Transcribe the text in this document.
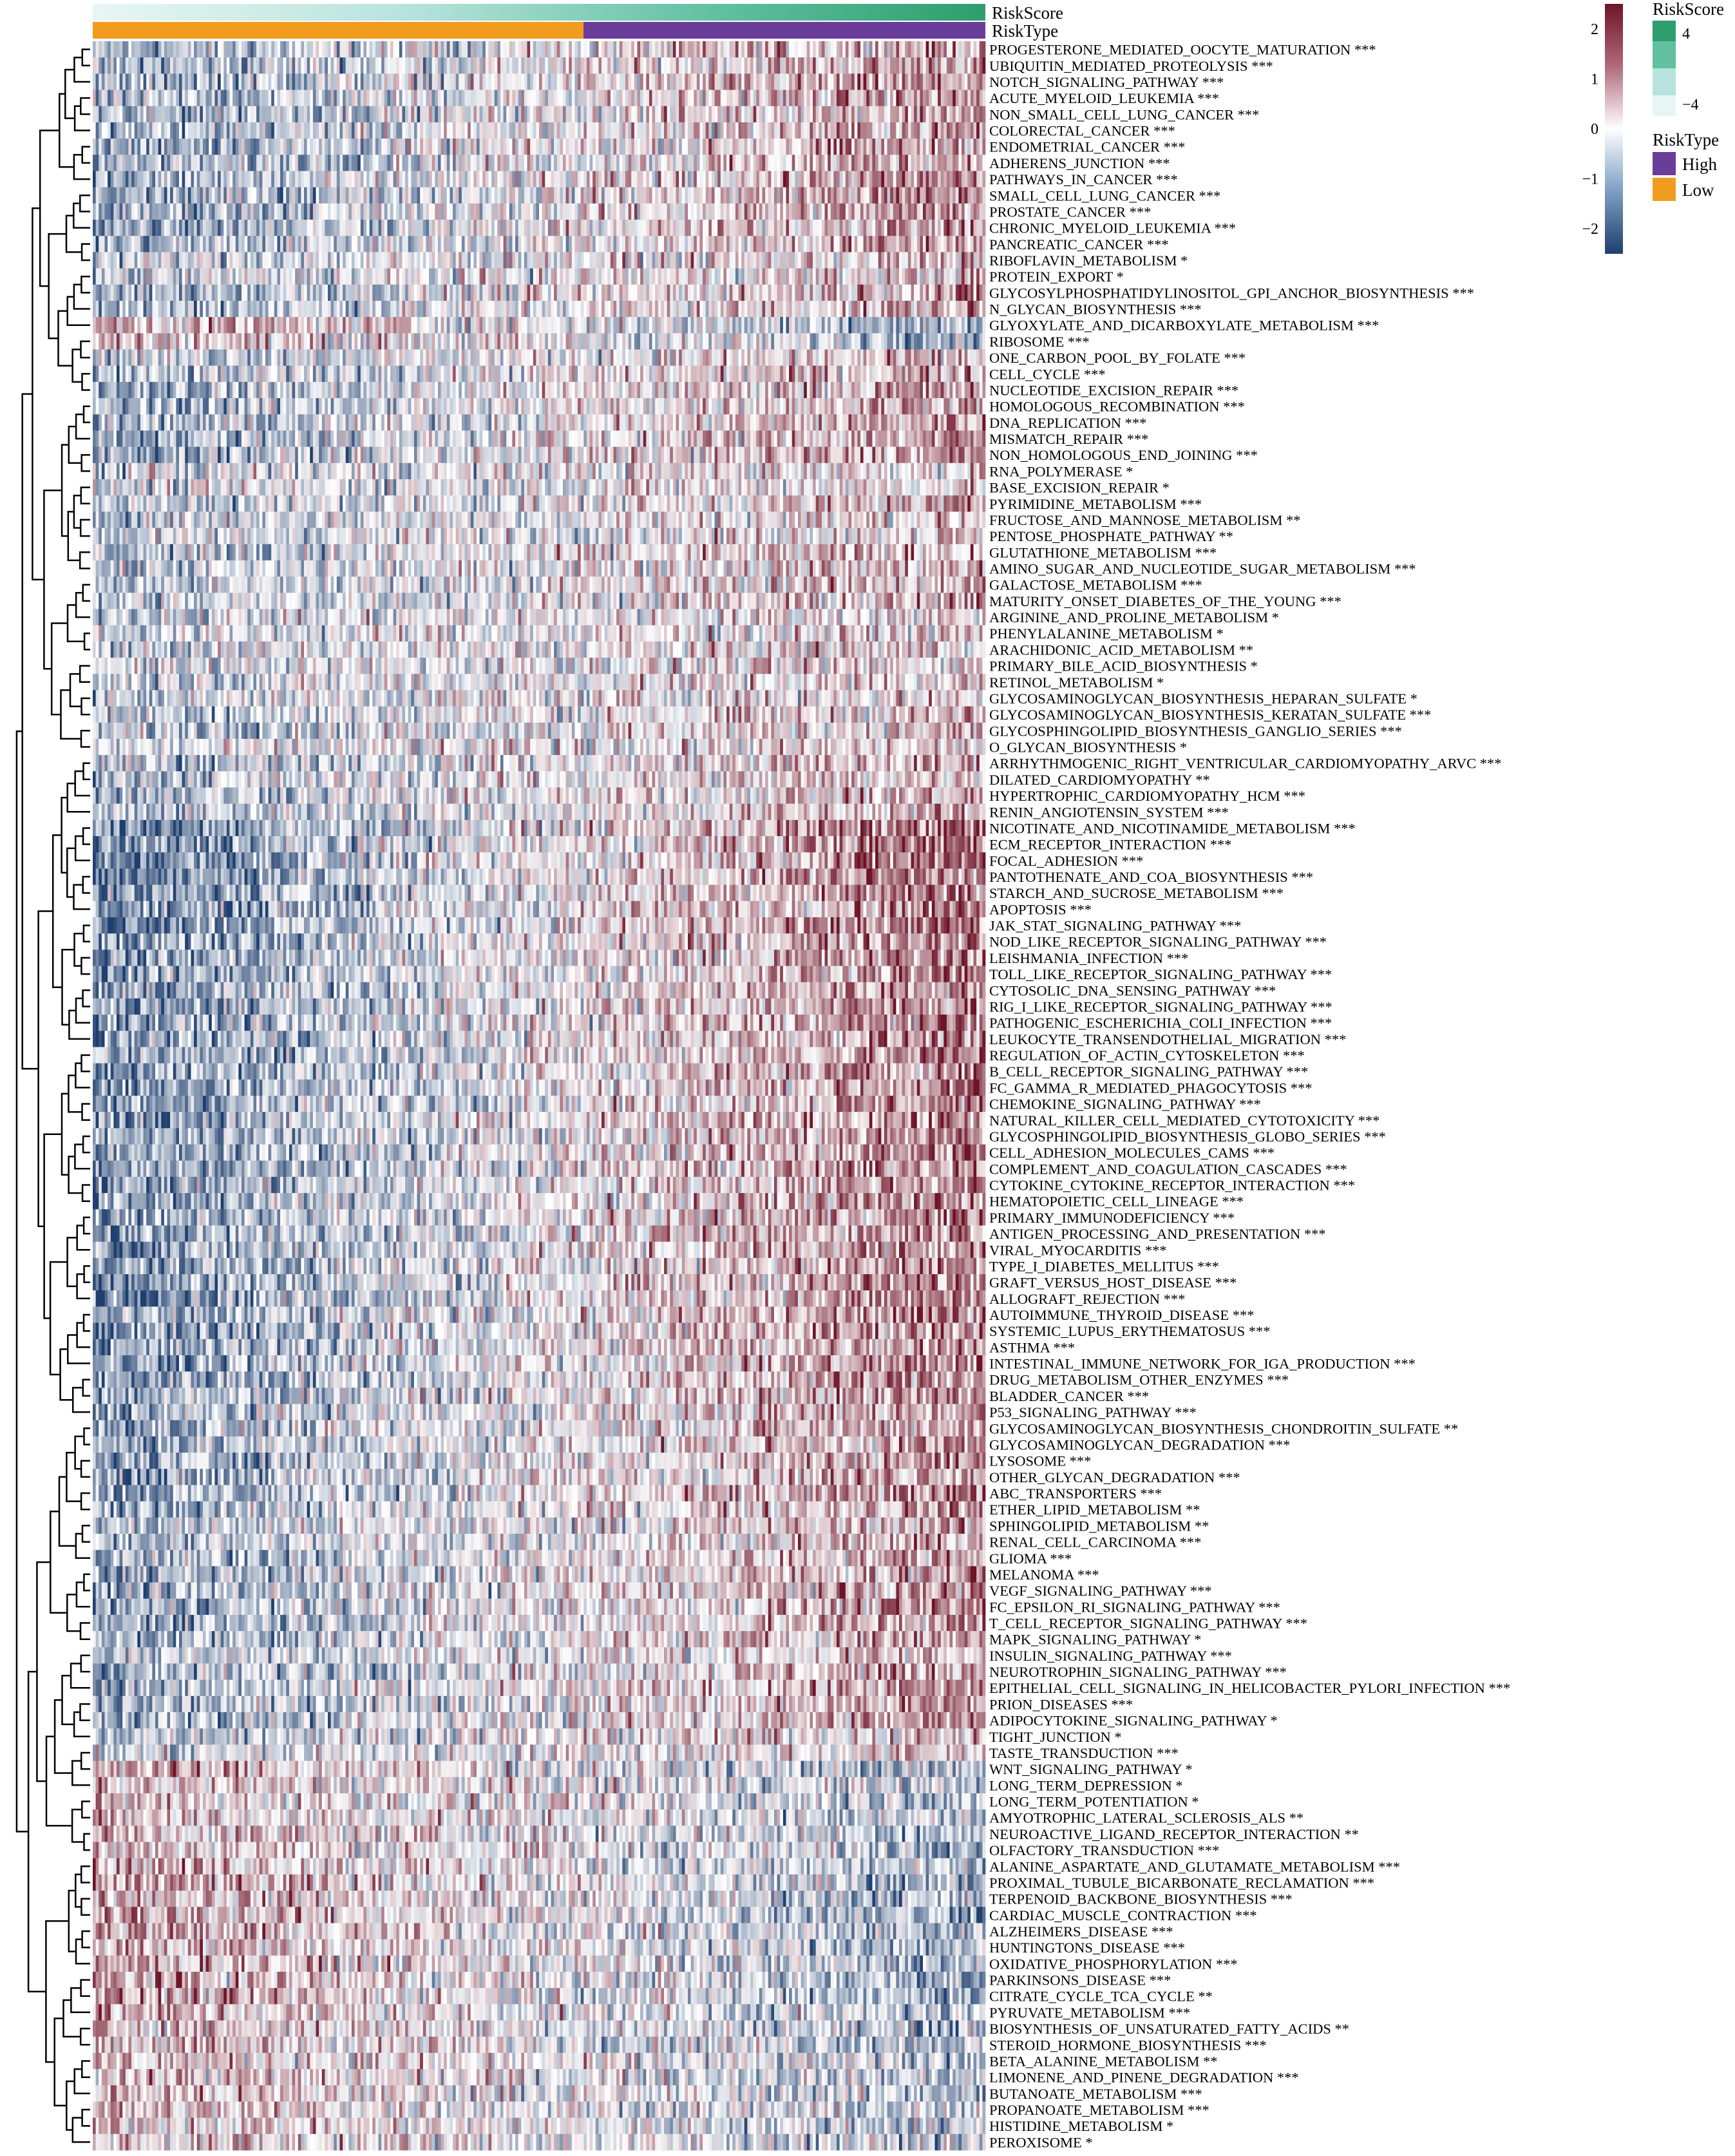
RiskScore
RiskType
PROGESTERONE_MEDIATED_OOCYTE_MATURATION ***
UBIQUITIN_MEDIATED_PROTEOLYSIS ***
NOTCH_SIGNALING_PATHWAY ***
ACUTE_MYELOID_LEUKEMIA ***
NON_SMALL_CELL_LUNG_CANCER ***
COLORECTAL_CANCER ***
ENDOMETRIAL_CANCER ***
ADHERENS_JUNCTION ***
PATHWAYS_IN_CANCER ***
SMALL_CELL_LUNG_CANCER ***
PROSTATE_CANCER ***
CHRONIC_MYELOID_LEUKEMIA ***
PANCREATIC_CANCER ***
RIBOFLAVIN_METABOLISM *
PROTEIN_EXPORT *
GLYCOSYLPHOSPHATIDYLINOSITOL_GPI_ANCHOR_BIOSYNTHESIS ***
N_GLYCAN_BIOSYNTHESIS ***
GLYOXYLATE_AND_DICARBOXYLATE_METABOLISM ***
RIBOSOME ***
ONE_CARBON_POOL_BY_FOLATE ***
CELL_CYCLE ***
NUCLEOTIDE_EXCISION_REPAIR ***
HOMOLOGOUS_RECOMBINATION ***
DNA_REPLICATION ***
MISMATCH_REPAIR ***
NON_HOMOLOGOUS_END_JOINING ***
RNA_POLYMERASE *
BASE_EXCISION_REPAIR *
PYRIMIDINE_METABOLISM ***
FRUCTOSE_AND_MANNOSE_METABOLISM **
PENTOSE_PHOSPHATE_PATHWAY **
GLUTATHIONE_METABOLISM ***
AMINO_SUGAR_AND_NUCLEOTIDE_SUGAR_METABOLISM ***
GALACTOSE_METABOLISM ***
MATURITY_ONSET_DIABETES_OF_THE_YOUNG ***
ARGININE_AND_PROLINE_METABOLISM *
PHENYLALANINE_METABOLISM *
ARACHIDONIC_ACID_METABOLISM **
PRIMARY_BILE_ACID_BIOSYNTHESIS *
RETINOL_METABOLISM *
GLYCOSAMINOGLYCAN_BIOSYNTHESIS_HEPARAN_SULFATE *
GLYCOSAMINOGLYCAN_BIOSYNTHESIS_KERATAN_SULFATE ***
GLYCOSPHINGOLIPID_BIOSYNTHESIS_GANGLIO_SERIES ***
O_GLYCAN_BIOSYNTHESIS *
ARRHYTHMOGENIC_RIGHT_VENTRICULAR_CARDIOMYOPATHY_ARVC ***
DILATED_CARDIOMYOPATHY **
HYPERTROPHIC_CARDIOMYOPATHY_HCM ***
RENIN_ANGIOTENSIN_SYSTEM ***
NICOTINATE_AND_NICOTINAMIDE_METABOLISM ***
ECM_RECEPTOR_INTERACTION ***
FOCAL_ADHESION ***
PANTOTHENATE_AND_COA_BIOSYNTHESIS ***
STARCH_AND_SUCROSE_METABOLISM ***
APOPTOSIS ***
JAK_STAT_SIGNALING_PATHWAY ***
NOD_LIKE_RECEPTOR_SIGNALING_PATHWAY ***
LEISHMANIA_INFECTION ***
TOLL_LIKE_RECEPTOR_SIGNALING_PATHWAY ***
CYTOSOLIC_DNA_SENSING_PATHWAY ***
RIG_I_LIKE_RECEPTOR_SIGNALING_PATHWAY ***
PATHOGENIC_ESCHERICHIA_COLI_INFECTION ***
LEUKOCYTE_TRANSENDOTHELIAL_MIGRATION ***
REGULATION_OF_ACTIN_CYTOSKELETON ***
B_CELL_RECEPTOR_SIGNALING_PATHWAY ***
FC_GAMMA_R_MEDIATED_PHAGOCYTOSIS ***
CHEMOKINE_SIGNALING_PATHWAY ***
NATURAL_KILLER_CELL_MEDIATED_CYTOTOXICITY ***
GLYCOSPHINGOLIPID_BIOSYNTHESIS_GLOBO_SERIES ***
CELL_ADHESION_MOLECULES_CAMS ***
COMPLEMENT_AND_COAGULATION_CASCADES ***
CYTOKINE_CYTOKINE_RECEPTOR_INTERACTION ***
HEMATOPOIETIC_CELL_LINEAGE ***
PRIMARY_IMMUNODEFICIENCY ***
ANTIGEN_PROCESSING_AND_PRESENTATION ***
VIRAL_MYOCARDITIS ***
TYPE_I_DIABETES_MELLITUS ***
GRAFT_VERSUS_HOST_DISEASE ***
ALLOGRAFT_REJECTION ***
AUTOIMMUNE_THYROID_DISEASE ***
SYSTEMIC_LUPUS_ERYTHEMATOSUS ***
ASTHMA ***
INTESTINAL_IMMUNE_NETWORK_FOR_IGA_PRODUCTION ***
DRUG_METABOLISM_OTHER_ENZYMES ***
BLADDER_CANCER ***
P53_SIGNALING_PATHWAY ***
GLYCOSAMINOGLYCAN_BIOSYNTHESIS_CHONDROITIN_SULFATE **
GLYCOSAMINOGLYCAN_DEGRADATION ***
LYSOSOME ***
OTHER_GLYCAN_DEGRADATION ***
ABC_TRANSPORTERS ***
ETHER_LIPID_METABOLISM **
SPHINGOLIPID_METABOLISM **
RENAL_CELL_CARCINOMA ***
GLIOMA ***
MELANOMA ***
VEGF_SIGNALING_PATHWAY ***
FC_EPSILON_RI_SIGNALING_PATHWAY ***
T_CELL_RECEPTOR_SIGNALING_PATHWAY ***
MAPK_SIGNALING_PATHWAY *
INSULIN_SIGNALING_PATHWAY ***
NEUROTROPHIN_SIGNALING_PATHWAY ***
EPITHELIAL_CELL_SIGNALING_IN_HELICOBACTER_PYLORI_INFECTION ***
PRION_DISEASES ***
ADIPOCYTOKINE_SIGNALING_PATHWAY *
TIGHT_JUNCTION *
TASTE_TRANSDUCTION ***
WNT_SIGNALING_PATHWAY *
LONG_TERM_DEPRESSION *
LONG_TERM_POTENTIATION *
AMYOTROPHIC_LATERAL_SCLEROSIS_ALS **
NEUROACTIVE_LIGAND_RECEPTOR_INTERACTION **
OLFACTORY_TRANSDUCTION ***
ALANINE_ASPARTATE_AND_GLUTAMATE_METABOLISM ***
PROXIMAL_TUBULE_BICARBONATE_RECLAMATION ***
TERPENOID_BACKBONE_BIOSYNTHESIS ***
CARDIAC_MUSCLE_CONTRACTION ***
ALZHEIMERS_DISEASE ***
HUNTINGTONS_DISEASE ***
OXIDATIVE_PHOSPHORYLATION ***
PARKINSONS_DISEASE ***
CITRATE_CYCLE_TCA_CYCLE **
PYRUVATE_METABOLISM ***
BIOSYNTHESIS_OF_UNSATURATED_FATTY_ACIDS **
STEROID_HORMONE_BIOSYNTHESIS ***
BETA_ALANINE_METABOLISM **
LIMONENE_AND_PINENE_DEGRADATION ***
BUTANOATE_METABOLISM ***
PROPANOATE_METABOLISM ***
HISTIDINE_METABOLISM *
PEROXISOME *
2
1
0
−1
−2
RiskScore
4
−4
RiskType
High
Low
